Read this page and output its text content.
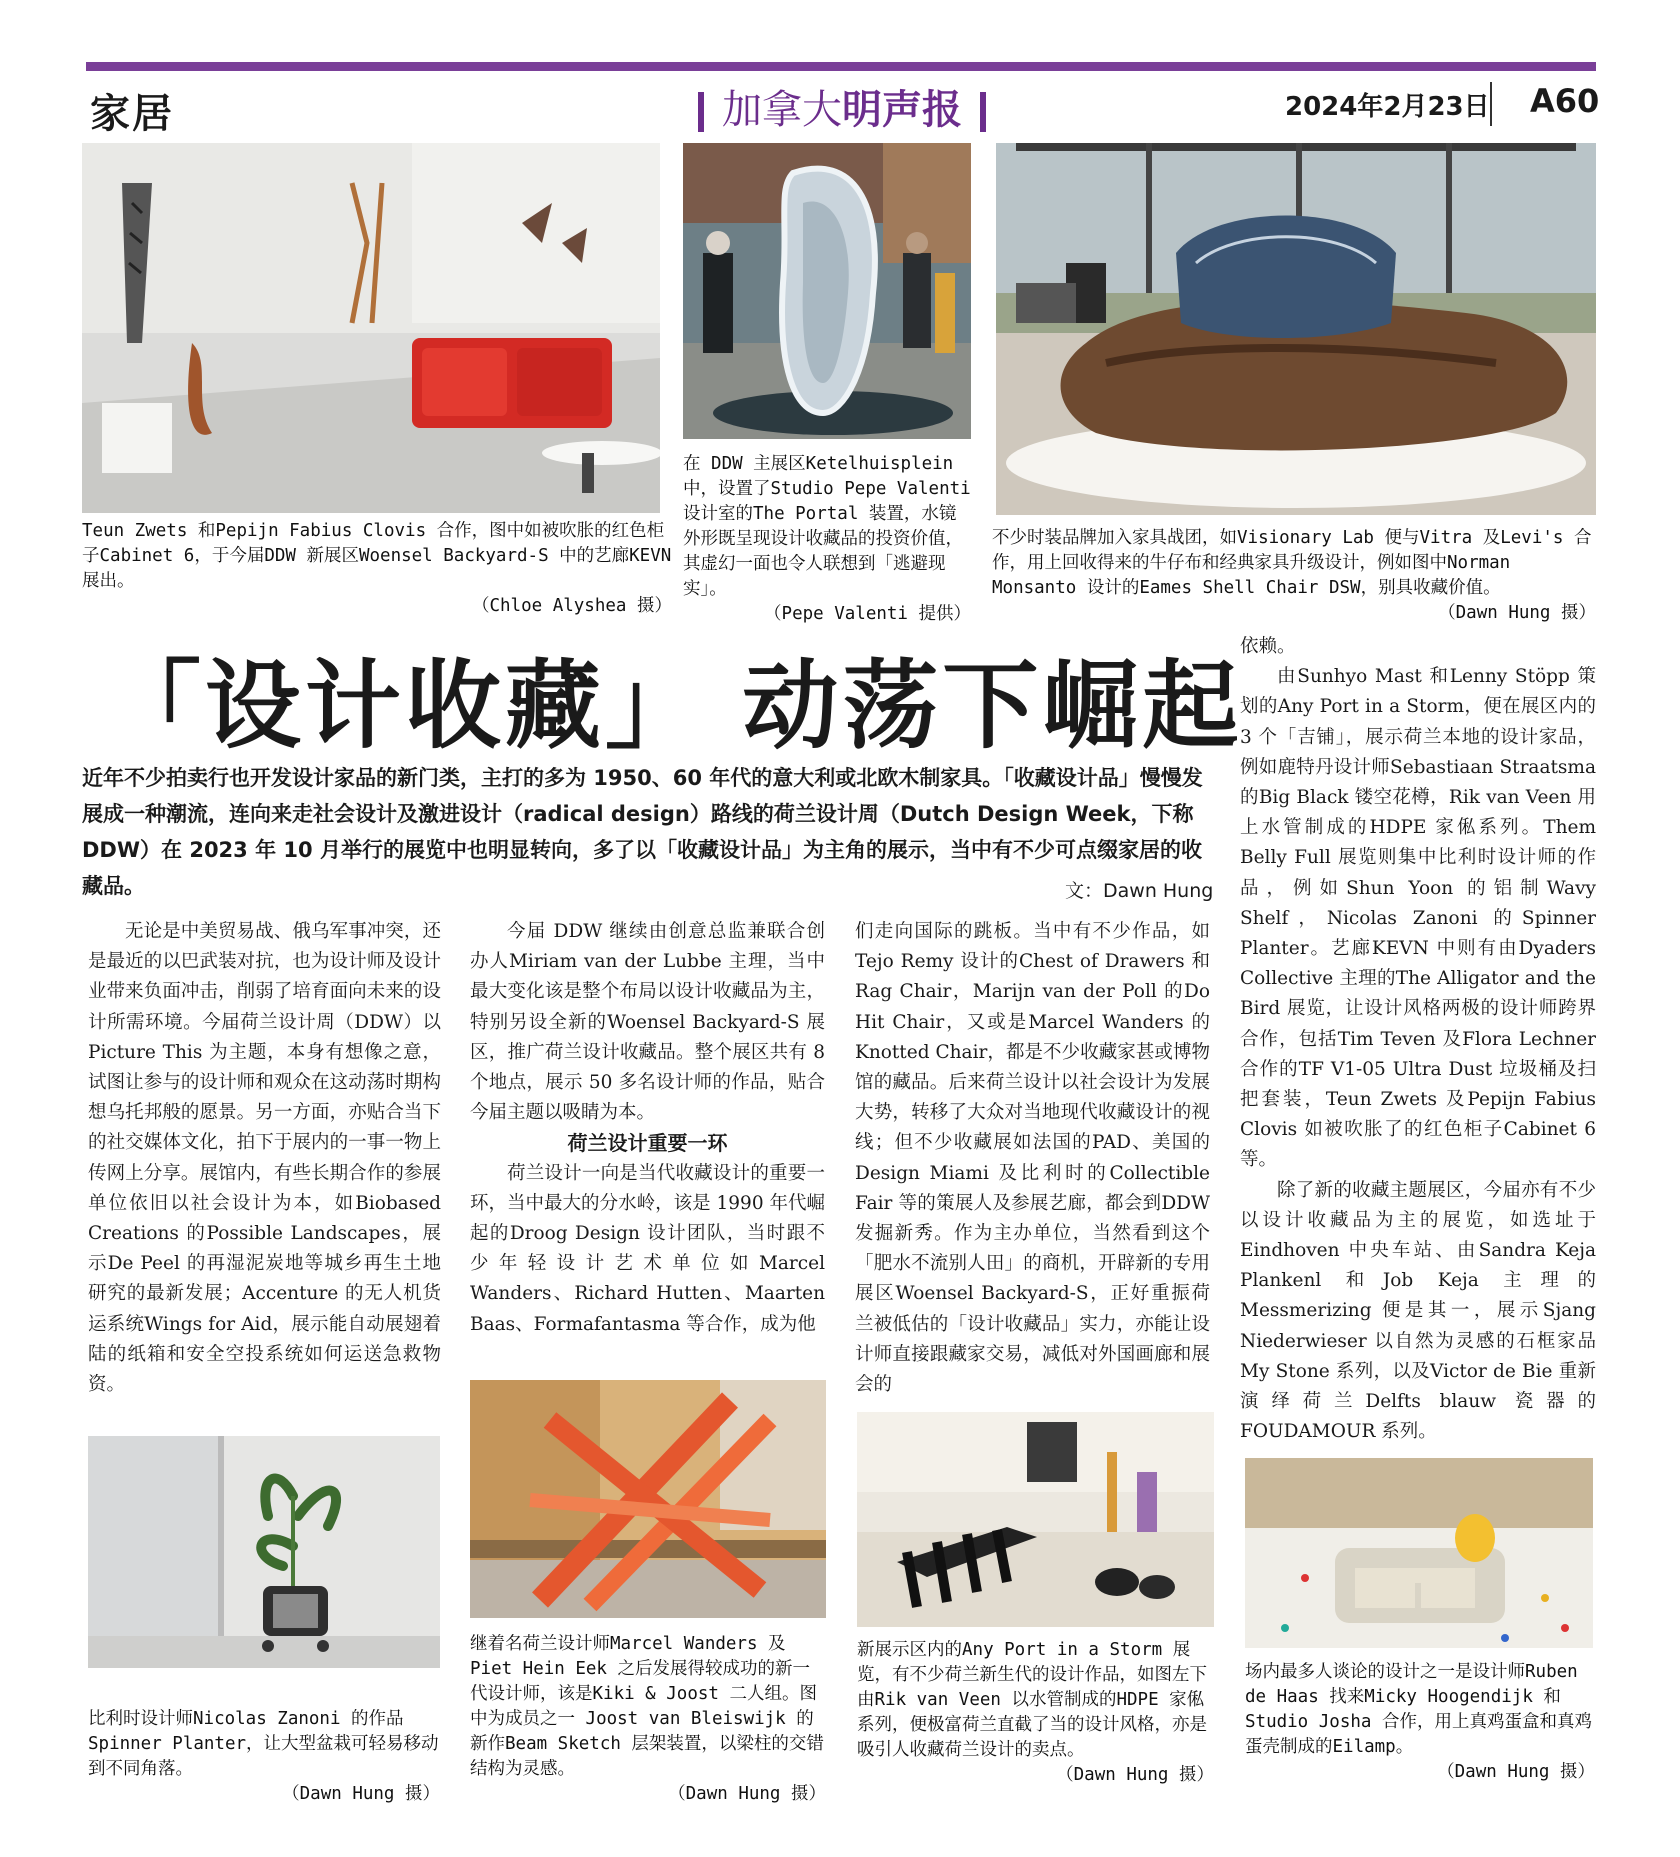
家居	加拿大明声报	2024年2月23日 A60
Teun Zwets 和Pepijn Fabius Clovis 合作，图中如被吹胀的红色柜子Cabinet 6，于今届DDW 新展区Woensel Backyard-S 中的艺廊KEVN展出。
（Chloe Alyshea 摄）
在 DDW 主展区Ketelhuisplein中，设置了Studio Pepe Valenti 设计室的The Portal 装置，水镜外形既呈现设计收藏品的投资价值，其虚幻一面也令人联想到「逃避现实」。
（Pepe Valenti 提供）
不少时装品牌加入家具战团，如Visionary Lab 便与Vitra 及Levi's 合作，用上回收得来的牛仔布和经典家具升级设计，例如图中Norman Monsanto 设计的Eames Shell Chair DSW，别具收藏价值。
（Dawn Hung 摄）
「设计收藏」 动荡下崛起
近年不少拍卖行也开发设计家品的新门类，主打的多为 1950、60 年代的意大利或北欧木制家具。「收藏设计品」慢慢发展成一种潮流，连向来走社会设计及激进设计（radical design）路线的荷兰设计周（Dutch Design Week，下称 DDW）在 2023 年 10 月举行的展览中也明显转向，多了以「收藏设计品」为主角的展示，当中有不少可点缀家居的收藏品。	文：Dawn Hung

无论是中美贸易战、俄乌军事冲突，还是最近的以巴武装对抗，也为设计师及设计业带来负面冲击，削弱了培育面向未来的设计所需环境。今届荷兰设计周（DDW）以 Picture This 为主题，本身有想像之意，试图让参与的设计师和观众在这动荡时期构想乌托邦般的愿景。另一方面，亦贴合当下的社交媒体文化，拍下于展内的一事一物上传网上分享。展馆内，有些长期合作的参展单位依旧以社会设计为本，如Biobased Creations 的Possible Landscapes，展示De Peel 的再湿泥炭地等城乡再生土地研究的最新发展；Accenture 的无人机货运系统Wings for Aid，展示能自动展翅着陆的纸箱和安全空投系统如何运送急救物资。

今届 DDW 继续由创意总监兼联合创办人Miriam van der Lubbe 主理，当中最大变化该是整个布局以设计收藏品为主，特别另设全新的Woensel Backyard-S 展区，推广荷兰设计收藏品。整个展区共有 8 个地点，展示 50 多名设计师的作品，贴合今届主题以吸睛为本。

荷兰设计重要一环

荷兰设计一向是当代收藏设计的重要一环，当中最大的分水岭，该是 1990 年代崛起的Droog Design 设计团队，当时跟不少年轻设计艺术单位如Marcel Wanders、Richard Hutten、Maarten Baas、Formafantasma 等合作，成为他

们走向国际的跳板。当中有不少作品，如Tejo Remy 设计的Chest of Drawers 和Rag Chair，Marijn van der Poll 的Do Hit Chair，又或是Marcel Wanders 的Knotted Chair，都是不少收藏家甚或博物馆的藏品。后来荷兰设计以社会设计为发展大势，转移了大众对当地现代收藏设计的视线；但不少收藏展如法国的PAD、美国的Design Miami 及比利时的Collectible Fair 等的策展人及参展艺廊，都会到DDW 发掘新秀。作为主办单位，当然看到这个「肥水不流别人田」的商机，开辟新的专用展区Woensel Backyard-S，正好重振荷兰被低估的「设计收藏品」实力，亦能让设计师直接跟藏家交易，减低对外国画廊和展会的

依赖。

由Sunhyo Mast 和Lenny Stöpp 策划的Any Port in a Storm，便在展区内的 3 个「吉铺」，展示荷兰本地的设计家品，例如鹿特丹设计师Sebastiaan Straatsma 的Big Black 镂空花樽，Rik van Veen 用上水管制成的HDPE 家俬系列。Them Belly Full 展览则集中比利时设计师的作品，例如Shun Yoon 的铝制Wavy Shelf，Nicolas Zanoni 的Spinner Planter。艺廊KEVN 中则有由Dyaders Collective 主理的The Alligator and the Bird 展览，让设计风格两极的设计师跨界合作，包括Tim Teven 及Flora Lechner 合作的TF V1-05 Ultra Dust 垃圾桶及扫把套装，Teun Zwets 及Pepijn Fabius Clovis 如被吹胀了的红色柜子Cabinet 6 等。

除了新的收藏主题展区，今届亦有不少以设计收藏品为主的展览，如选址于Eindhoven 中央车站、由Sandra Keja Plankenl 和Job Keja 主理的Messmerizing 便是其一，展示Sjang Niederwieser 以自然为灵感的石框家品My Stone 系列，以及Victor de Bie 重新演绎荷兰Delfts blauw 瓷器的FOUDAMOUR 系列。

比利时设计师Nicolas Zanoni 的作品Spinner Planter，让大型盆栽可轻易移动到不同角落。
（Dawn Hung 摄）
继着名荷兰设计师Marcel Wanders 及Piet Hein Eek 之后发展得较成功的新一代设计师，该是Kiki & Joost 二人组。图中为成员之一 Joost van Bleiswijk 的新作Beam Sketch 层架装置，以梁柱的交错结构为灵感。
（Dawn Hung 摄）
新展示区内的Any Port in a Storm 展览，有不少荷兰新生代的设计作品，如图左下由Rik van Veen 以水管制成的HDPE 家俬系列，便极富荷兰直截了当的设计风格，亦是吸引人收藏荷兰设计的卖点。
（Dawn Hung 摄）
场内最多人谈论的设计之一是设计师Ruben de Haas 找来Micky Hoogendijk 和Studio Josha 合作，用上真鸡蛋盒和真鸡蛋壳制成的Eilamp。
（Dawn Hung 摄）
